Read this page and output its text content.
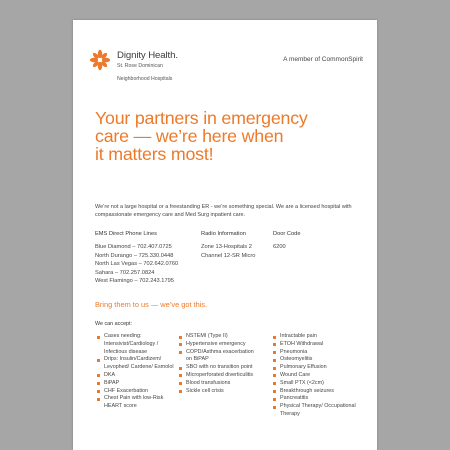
Dignity Health.
St. Rose Dominican
Neighborhood Hospitals
A member of CommonSpirit
Your partners in emergency
care — we’re here when
it matters most!
We’re not a large hospital or a freestanding ER - we’re something special. We are a licensed hospital with compassionate emergency care and Med Surg inpatient care.
EMS Direct Phone Lines
Blue Diamond – 702.407.0725
North Durango – 725.330.0448
North Las Vegas – 702.642.0760
Sahara – 702.257.0824
West Flamingo – 702.243.1795
Radio Information
Zone 13-Hospitals 2
Channel 12-SR Micro
Door Code
6200
Bring them to us — we’ve got this.
We can accept:
Cases needing: Intensivist/Cardiology / Infectious disease
Drips: Insulin/Cardizem/ Levophed/ Cardene/ Esmolol
DKA
BiPAP
CHF Exacerbation
Chest Pain with low-Risk HEART score
NSTEMI (Type II)
Hypertensive emergency
COPD/Asthma exacerbation on BiPAP
SBO with no transition point
Microperforated diverticulitis
Blood transfusions
Sickle cell crisis
Intractable pain
ETOH Withdrawal
Pneumonia
Osteomyelitis
Pulmonary Effusion
Wound Care
Small PTX (<2cm)
Breakthrough seizures
Pancreatitis
Physical Therapy/ Occupational Therapy
